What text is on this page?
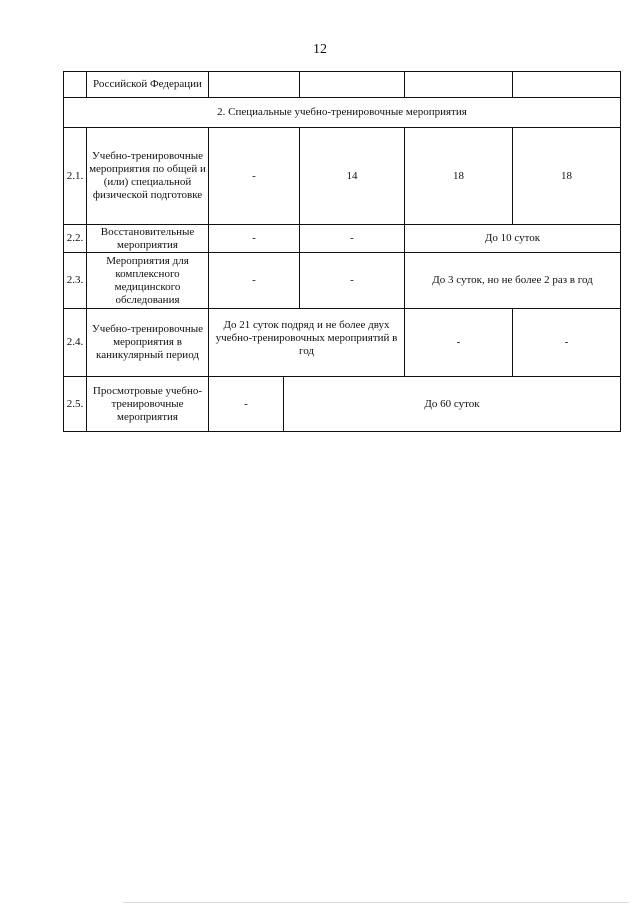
12
	Российской Федерации					
2. Специальные учебно-тренировочные мероприятия						
2.1.	Учебно-тренировочные мероприятия по общей и (или) специальной физической подготовке	-		14	18	18
2.2.	Восстановительные мероприятия	-		-	До 10 суток	
2.3.	Мероприятия для комплексного медицинского обследования	-		-	До 3 суток, но не более 2 раз в год	
2.4.	Учебно-тренировочные мероприятия в каникулярный период	До 21 суток подряд и не более двух учебно-тренировочных мероприятий в год			-	-
2.5.	Просмотровые учебно-тренировочные мероприятия	-	До 60 суток			
